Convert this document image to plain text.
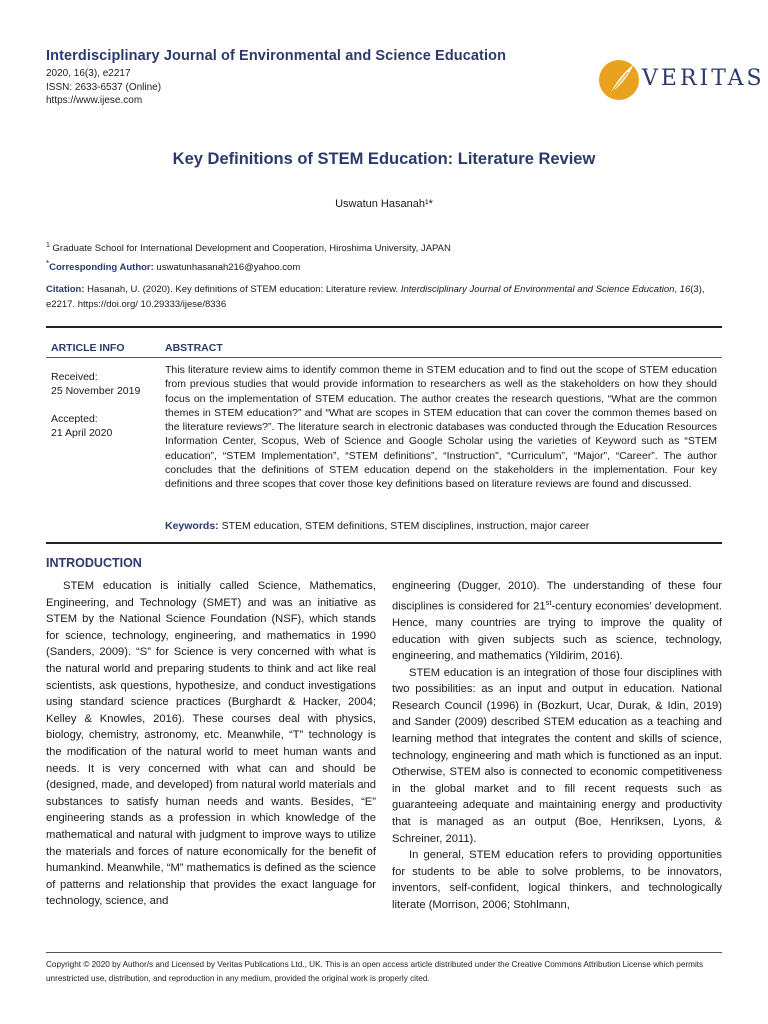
Interdisciplinary Journal of Environmental and Science Education
2020, 16(3), e2217
ISSN: 2633-6537 (Online)
https://www.ijese.com
VERITAS
Key Definitions of STEM Education: Literature Review
Uswatun Hasanah¹*
$^1$ Graduate School for International Development and Cooperation, Hiroshima University, JAPAN
*Corresponding Author: uswatunhasanah216@yahoo.com
Citation: Hasanah, U. (2020). Key definitions of STEM education: Literature review. Interdisciplinary Journal of Environmental and Science Education, 16(3), e2217. https://doi.org/ 10.29333/ijese/8336
ARTICLE INFO	ABSTRACT
Received:
25 November 2019
Accepted:
21 April 2020
This literature review aims to identify common theme in STEM education and to find out the scope of STEM education from previous studies that would provide information to researchers as well as the stakeholders on how they should focus on the implementation of STEM education. The author creates the research questions, “What are the common themes in STEM education?” and “What are scopes in STEM education that can cover the common themes based on the literature reviews?”. The literature search in electronic databases was conducted through the Education Resources Information Center, Scopus, Web of Science and Google Scholar using the varieties of Keyword such as “STEM education”, “STEM Implementation”, “STEM definitions”, “Instruction”, “Curriculum”, “Major”, “Career”. The author concludes that the definitions of STEM education depend on the stakeholders in the implementation. Four key definitions and three scopes that cover those key definitions based on literature reviews are found and discussed.
Keywords: STEM education, STEM definitions, STEM disciplines, instruction, major career
INTRODUCTION

STEM education is initially called Science, Mathematics, Engineering, and Technology (SMET) and was an initiative as STEM by the National Science Foundation (NSF), which stands for science, technology, engineering, and mathematics in 1990 (Sanders, 2009). “S” for Science is very concerned with what is the natural world and preparing students to think and act like real scientists, ask questions, hypothesize, and conduct investigations using standard science practices (Burghardt & Hacker, 2004; Kelley & Knowles, 2016). These courses deal with physics, biology, chemistry, astronomy, etc. Meanwhile, “T” technology is the modification of the natural world to meet human wants and needs. It is very concerned with what can and should be (designed, made, and developed) from natural world materials and substances to satisfy human needs and wants. Besides, “E” engineering stands as a profession in which knowledge of the mathematical and natural with judgment to improve ways to utilize the materials and forces of nature economically for the benefit of humankind. Meanwhile, “M” mathematics is defined as the science of patterns and relationship that provides the exact language for technology, science, and

engineering (Dugger, 2010). The understanding of these four disciplines is considered for 21st-century economies’ development. Hence, many countries are trying to improve the quality of education with given subjects such as science, technology, engineering, and mathematics (Yildirim, 2016).

STEM education is an integration of those four disciplines with two possibilities: as an input and output in education. National Research Council (1996) in (Bozkurt, Ucar, Durak, & Idin, 2019) and Sander (2009) described STEM education as a teaching and learning method that integrates the content and skills of science, technology, engineering and math which is functioned as an input. Otherwise, STEM also is connected to economic competitiveness in the global market and to fill recent requests such as guaranteeing adequate and maintaining energy and productivity that is managed as an output (Boe, Henriksen, Lyons, & Schreiner, 2011).

In general, STEM education refers to providing opportunities for students to be able to solve problems, to be innovators, inventors, self-confident, logical thinkers, and technologically literate (Morrison, 2006; Stohlmann,

Copyright © 2020 by Author/s and Licensed by Veritas Publications Ltd., UK. This is an open access article distributed under the Creative Commons Attribution License which permits unrestricted use, distribution, and reproduction in any medium, provided the original work is properly cited.
